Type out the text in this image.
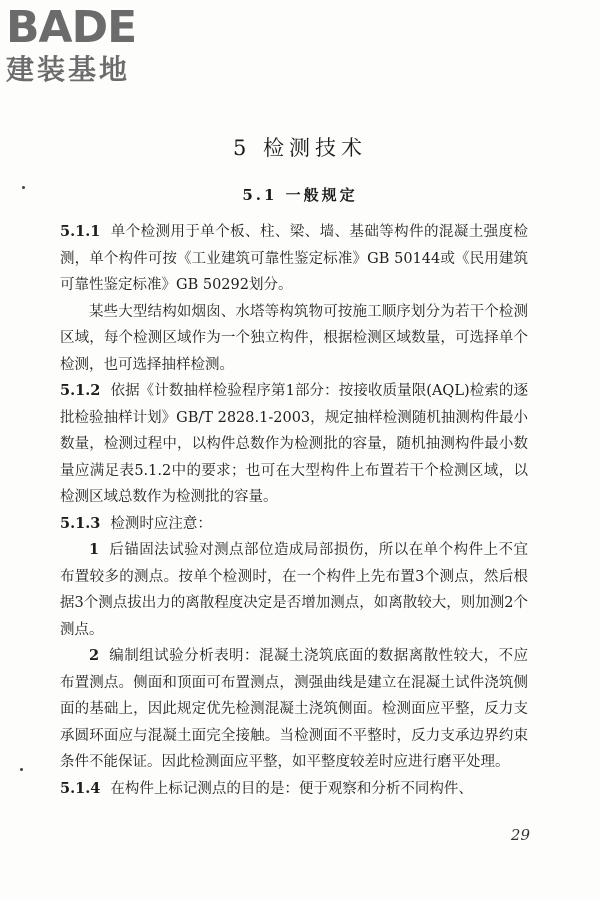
BADE
建装基地
5 检测技术
5.1 一般规定

5.1.1 单个检测用于单个板、柱、梁、墙、基础等构件的混凝土强度检测，单个构件可按《工业建筑可靠性鉴定标准》GB 50144或《民用建筑可靠性鉴定标准》GB 50292划分。

某些大型结构如烟囱、水塔等构筑物可按施工顺序划分为若干个检测区域，每个检测区域作为一个独立构件，根据检测区域数量，可选择单个检测，也可选择抽样检测。

5.1.2 依据《计数抽样检验程序第1部分：按接收质量限(AQL)检索的逐批检验抽样计划》GB/T 2828.1-2003，规定抽样检测随机抽测构件最小数量，检测过程中，以构件总数作为检测批的容量，随机抽测构件最小数量应满足表5.1.2中的要求；也可在大型构件上布置若干个检测区域，以检测区域总数作为检测批的容量。

5.1.3 检测时应注意：

1 后锚固法试验对测点部位造成局部损伤，所以在单个构件上不宜布置较多的测点。按单个检测时，在一个构件上先布置3个测点，然后根据3个测点拔出力的离散程度决定是否增加测点，如离散较大，则加测2个测点。

2 编制组试验分析表明：混凝土浇筑底面的数据离散性较大，不应布置测点。侧面和顶面可布置测点，测强曲线是建立在混凝土试件浇筑侧面的基础上，因此规定优先检测混凝土浇筑侧面。检测面应平整，反力支承圆环面应与混凝土面完全接触。当检测面不平整时，反力支承边界约束条件不能保证。因此检测面应平整，如平整度较差时应进行磨平处理。

5.1.4 在构件上标记测点的目的是：便于观察和分析不同构件、

29
